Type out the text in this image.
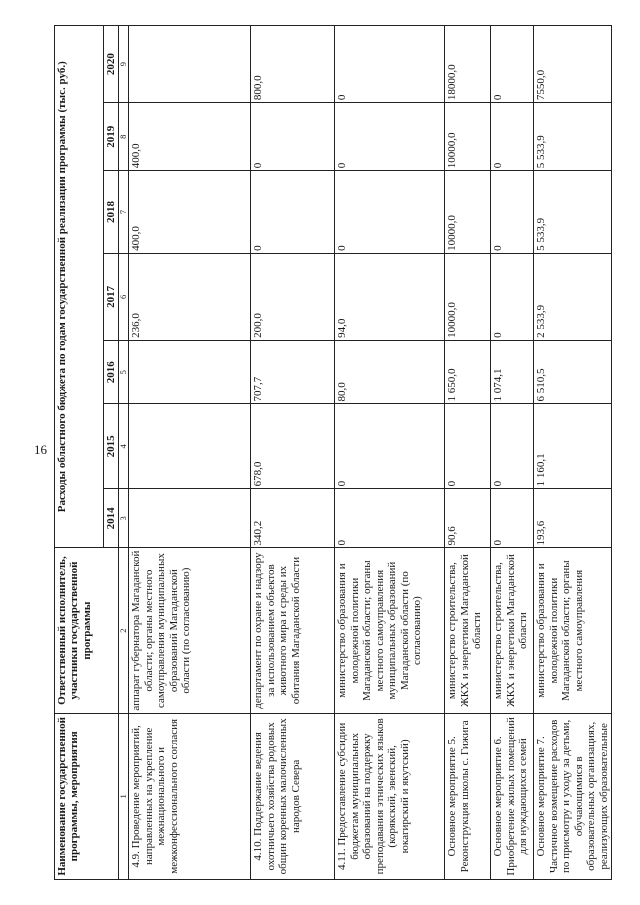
16
Наименование государственной программы, мероприятия	Ответственный исполнитель, участники государственной программы	Расходы областного бюджета по годам государственной реализации программы (тыс. руб.)						
		2014	2015	2016	2017	2018	2019	2020
1	2	3	4	5	6	7	8	9
4.9. Проведение мероприятий, направленных на укрепление межнационального и межконфессионального согласия	аппарат губернатора Магаданской области; органы местного самоуправления муниципальных образований Магаданской области (по согласованию)				236,0	400,0	400,0	
4.10. Поддержание ведения охотничьего хозяйства родовых общин коренных малочисленных народов Севера	департамент по охране и надзору за использованием объектов животного мира и среды их обитания Магаданской области	340,2	678,0	707,7	200,0	0	0	800,0
4.11. Предоставление субсидии бюджетам муниципальных образований на поддержку преподавания этнических языков (корякский, эвенский, юкагирский и якутский)	министерство образования и молодежной политики Магаданской области; органы местного самоуправления муниципальных образований Магаданской области (по согласованию)	0	0	80,0	94,0	0	0	0
Основное мероприятие 5. Реконструкция школы с. Гижига	министерство строительства, ЖКХ и энергетики Магаданской области	90,6	0	1 650,0	10000,0	10000,0	10000,0	18000,0
Основное мероприятие 6. Приобретение жилых помещений для нуждающихся семей	министерство строительства, ЖКХ и энергетики Магаданской области	0	0	1 074,1	0	0	0	0
Основное мероприятие 7. Частичное возмещение расходов по присмотру и уходу за детьми, обучающимися в образовательных организациях, реализующих образовательные	министерство образования и молодежной политики Магаданской области; органы местного самоуправления	193,6	1 160,1	6 510,5	2 533,9	5 533,9	5 533,9	7550,0
